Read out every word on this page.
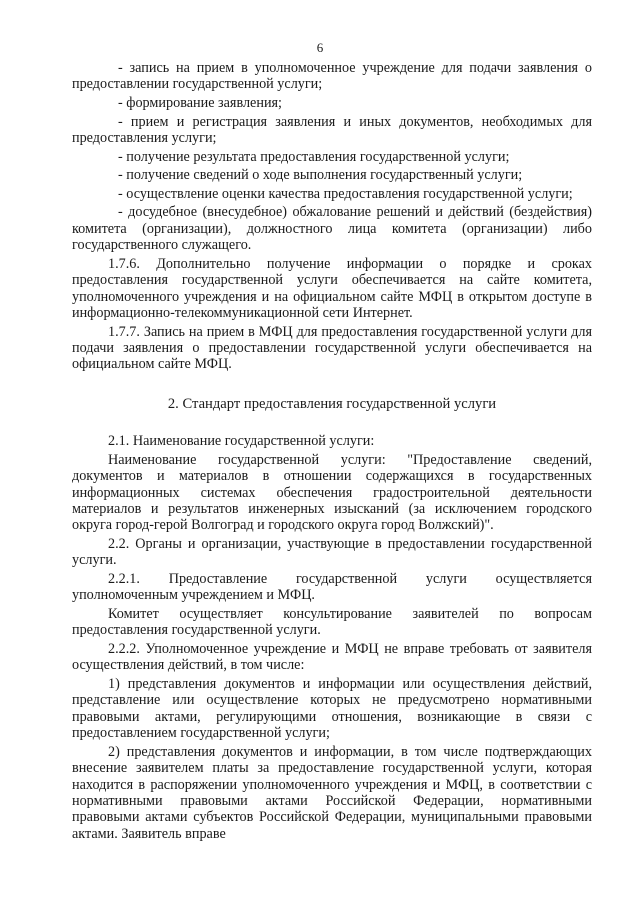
6

- запись на прием в уполномоченное учреждение для подачи заявления о предоставлении государственной услуги;

- формирование заявления;

- прием и регистрация заявления и иных документов, необходимых для предоставления услуги;

- получение результата предоставления государственной услуги;

- получение сведений о ходе выполнения государственный услуги;

- осуществление оценки качества предоставления государственной услуги;

- досудебное (внесудебное) обжалование решений и действий (бездействия) комитета (организации), должностного лица комитета (организации) либо государственного служащего.

1.7.6. Дополнительно получение информации о порядке и сроках предоставления государственной услуги обеспечивается на сайте комитета, уполномоченного учреждения и на официальном сайте МФЦ в открытом доступе в информационно-телекоммуникационной сети Интернет.

1.7.7. Запись на прием в МФЦ для предоставления государственной услуги для подачи заявления о предоставлении государственной услуги обеспечивается на официальном сайте МФЦ.

2. Стандарт предоставления государственной услуги

2.1. Наименование государственной услуги:

Наименование государственной услуги: "Предоставление сведений, документов и материалов в отношении содержащихся в государственных информационных системах обеспечения градостроительной деятельности материалов и результатов инженерных изысканий (за исключением городского округа город-герой Волгоград и городского округа город Волжский)".

2.2. Органы и организации, участвующие в предоставлении государственной услуги.

2.2.1. Предоставление государственной услуги осуществляется уполномоченным учреждением и МФЦ.

Комитет осуществляет консультирование заявителей по вопросам предоставления государственной услуги.

2.2.2. Уполномоченное учреждение и МФЦ не вправе требовать от заявителя осуществления действий, в том числе:

1) представления документов и информации или осуществления действий, представление или осуществление которых не предусмотрено нормативными правовыми актами, регулирующими отношения, возникающие в связи с предоставлением государственной услуги;

2) представления документов и информации, в том числе подтверждающих внесение заявителем платы за предоставление государственной услуги, которая находится в распоряжении уполномоченного учреждения и МФЦ, в соответствии с нормативными правовыми актами Российской Федерации, нормативными правовыми актами субъектов Российской Федерации, муниципальными правовыми актами. Заявитель вправе
